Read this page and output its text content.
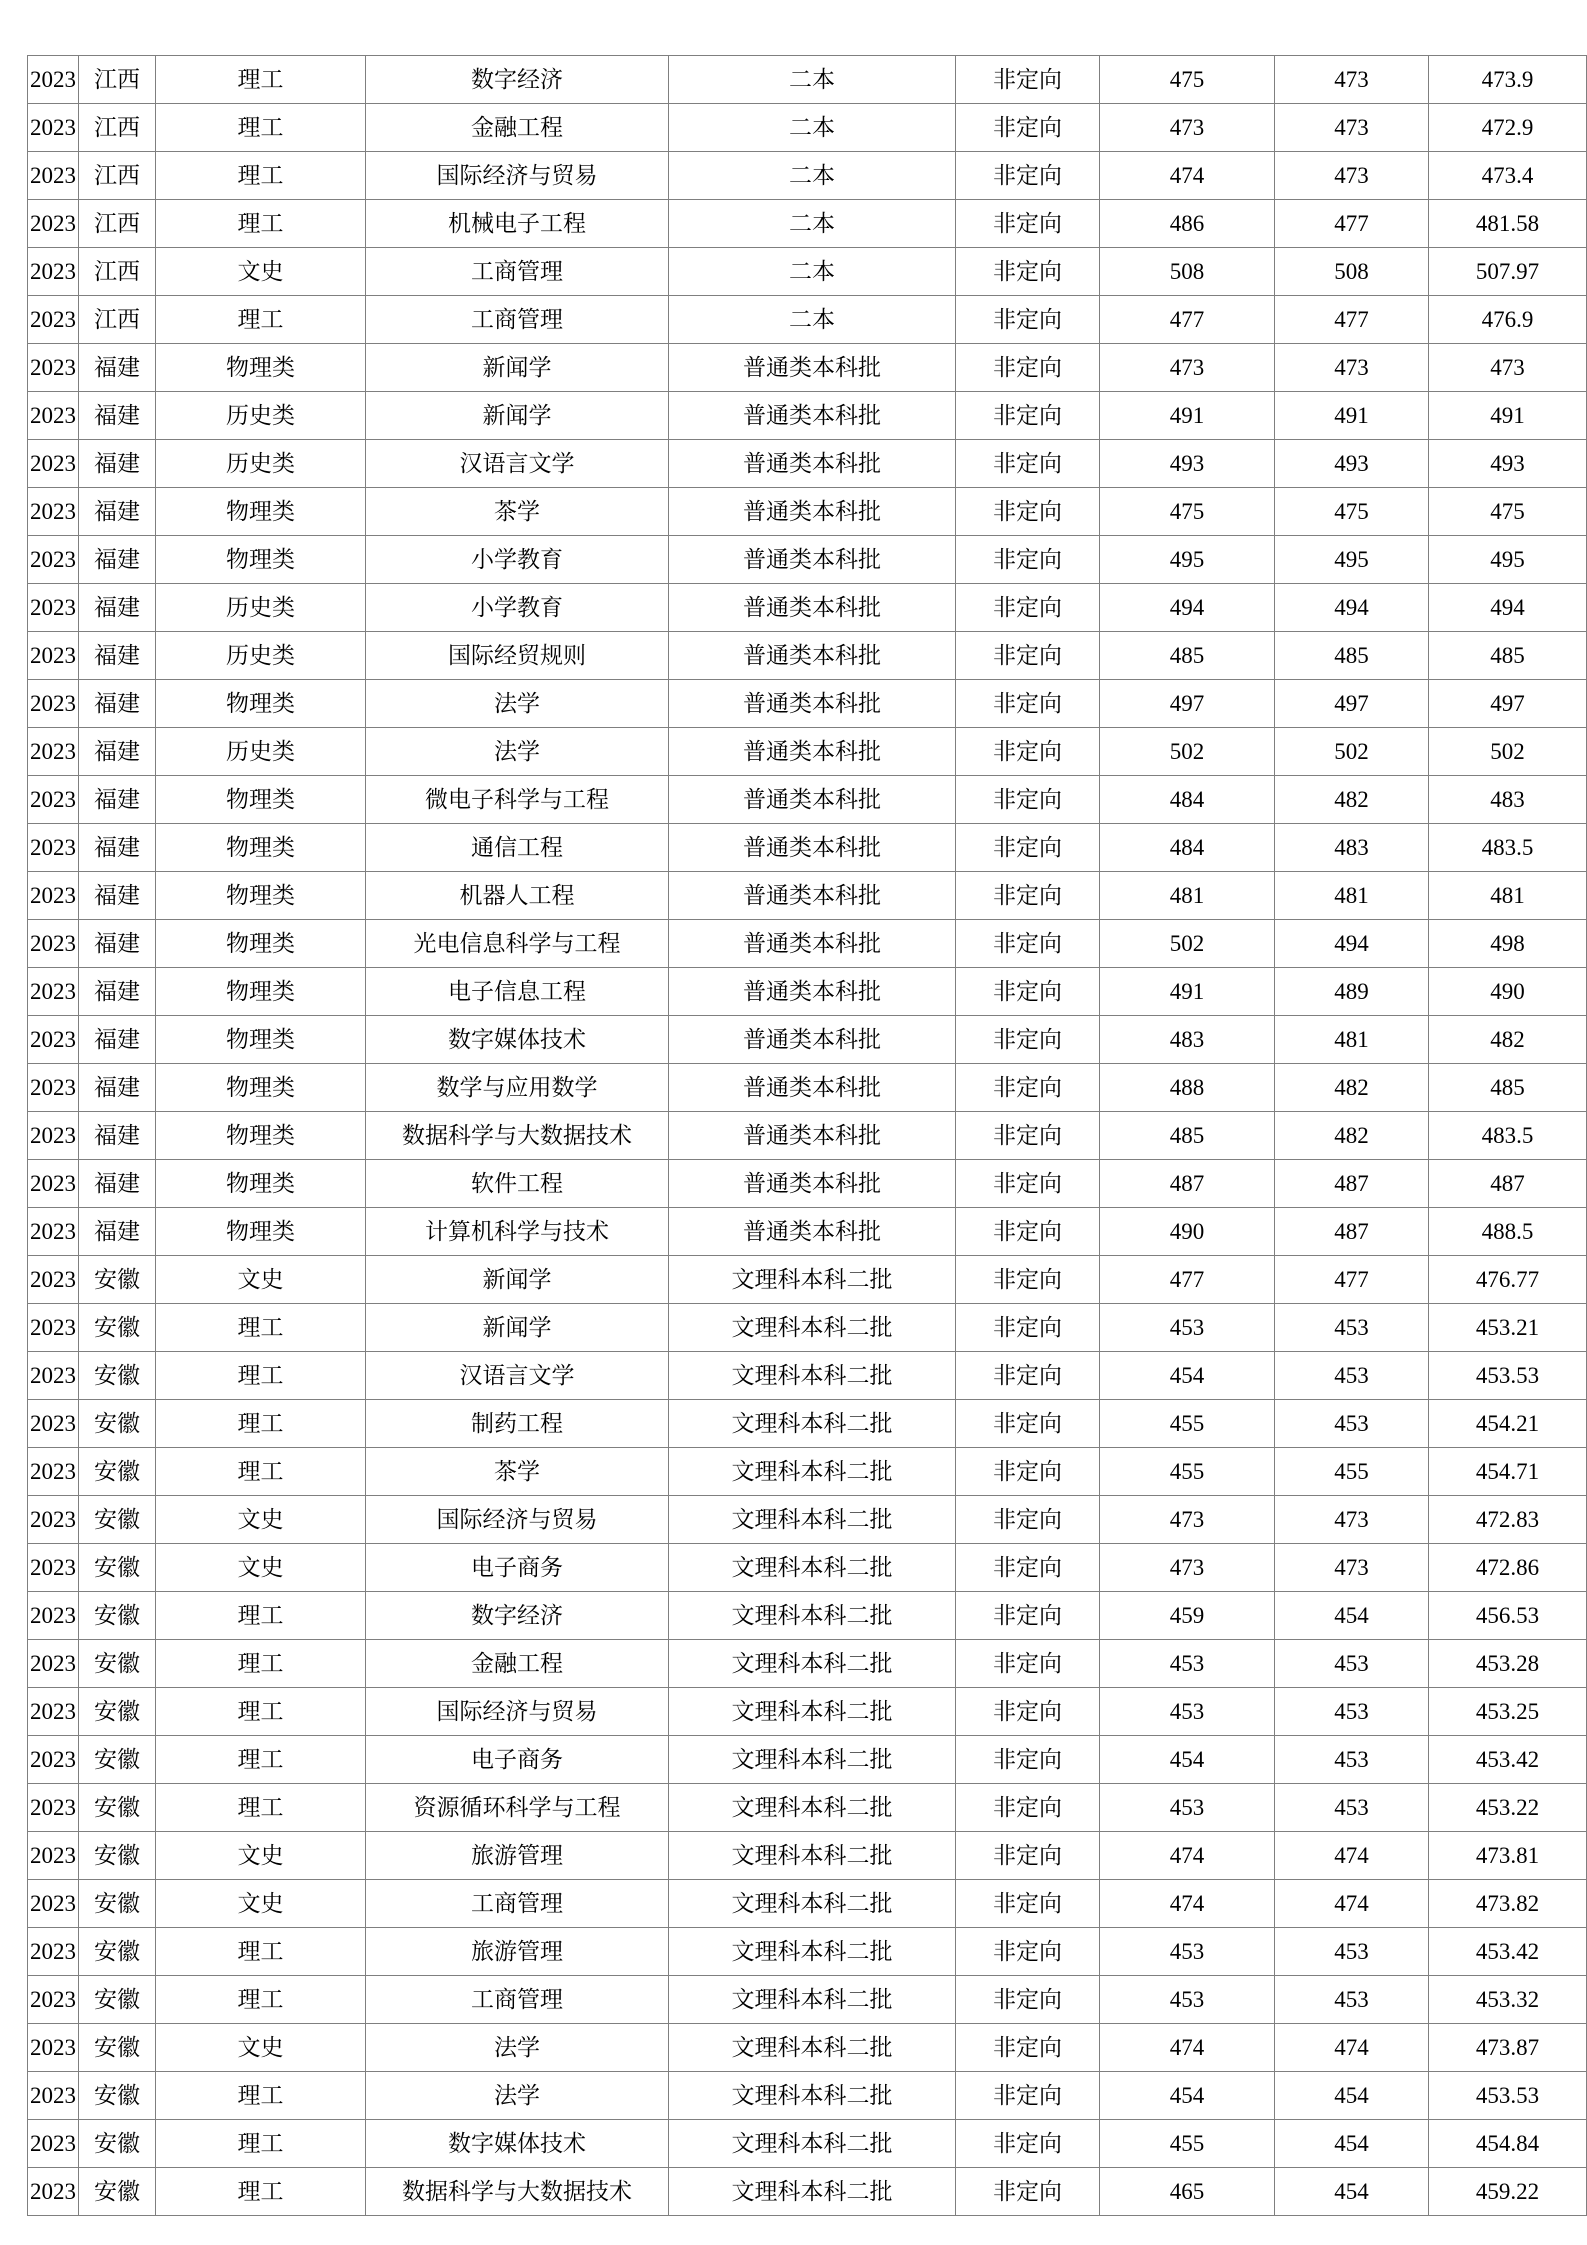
2023	江西	理工	数字经济	二本	非定向	475	473	473.9
2023	江西	理工	金融工程	二本	非定向	473	473	472.9
2023	江西	理工	国际经济与贸易	二本	非定向	474	473	473.4
2023	江西	理工	机械电子工程	二本	非定向	486	477	481.58
2023	江西	文史	工商管理	二本	非定向	508	508	507.97
2023	江西	理工	工商管理	二本	非定向	477	477	476.9
2023	福建	物理类	新闻学	普通类本科批	非定向	473	473	473
2023	福建	历史类	新闻学	普通类本科批	非定向	491	491	491
2023	福建	历史类	汉语言文学	普通类本科批	非定向	493	493	493
2023	福建	物理类	茶学	普通类本科批	非定向	475	475	475
2023	福建	物理类	小学教育	普通类本科批	非定向	495	495	495
2023	福建	历史类	小学教育	普通类本科批	非定向	494	494	494
2023	福建	历史类	国际经贸规则	普通类本科批	非定向	485	485	485
2023	福建	物理类	法学	普通类本科批	非定向	497	497	497
2023	福建	历史类	法学	普通类本科批	非定向	502	502	502
2023	福建	物理类	微电子科学与工程	普通类本科批	非定向	484	482	483
2023	福建	物理类	通信工程	普通类本科批	非定向	484	483	483.5
2023	福建	物理类	机器人工程	普通类本科批	非定向	481	481	481
2023	福建	物理类	光电信息科学与工程	普通类本科批	非定向	502	494	498
2023	福建	物理类	电子信息工程	普通类本科批	非定向	491	489	490
2023	福建	物理类	数字媒体技术	普通类本科批	非定向	483	481	482
2023	福建	物理类	数学与应用数学	普通类本科批	非定向	488	482	485
2023	福建	物理类	数据科学与大数据技术	普通类本科批	非定向	485	482	483.5
2023	福建	物理类	软件工程	普通类本科批	非定向	487	487	487
2023	福建	物理类	计算机科学与技术	普通类本科批	非定向	490	487	488.5
2023	安徽	文史	新闻学	文理科本科二批	非定向	477	477	476.77
2023	安徽	理工	新闻学	文理科本科二批	非定向	453	453	453.21
2023	安徽	理工	汉语言文学	文理科本科二批	非定向	454	453	453.53
2023	安徽	理工	制药工程	文理科本科二批	非定向	455	453	454.21
2023	安徽	理工	茶学	文理科本科二批	非定向	455	455	454.71
2023	安徽	文史	国际经济与贸易	文理科本科二批	非定向	473	473	472.83
2023	安徽	文史	电子商务	文理科本科二批	非定向	473	473	472.86
2023	安徽	理工	数字经济	文理科本科二批	非定向	459	454	456.53
2023	安徽	理工	金融工程	文理科本科二批	非定向	453	453	453.28
2023	安徽	理工	国际经济与贸易	文理科本科二批	非定向	453	453	453.25
2023	安徽	理工	电子商务	文理科本科二批	非定向	454	453	453.42
2023	安徽	理工	资源循环科学与工程	文理科本科二批	非定向	453	453	453.22
2023	安徽	文史	旅游管理	文理科本科二批	非定向	474	474	473.81
2023	安徽	文史	工商管理	文理科本科二批	非定向	474	474	473.82
2023	安徽	理工	旅游管理	文理科本科二批	非定向	453	453	453.42
2023	安徽	理工	工商管理	文理科本科二批	非定向	453	453	453.32
2023	安徽	文史	法学	文理科本科二批	非定向	474	474	473.87
2023	安徽	理工	法学	文理科本科二批	非定向	454	454	453.53
2023	安徽	理工	数字媒体技术	文理科本科二批	非定向	455	454	454.84
2023	安徽	理工	数据科学与大数据技术	文理科本科二批	非定向	465	454	459.22
